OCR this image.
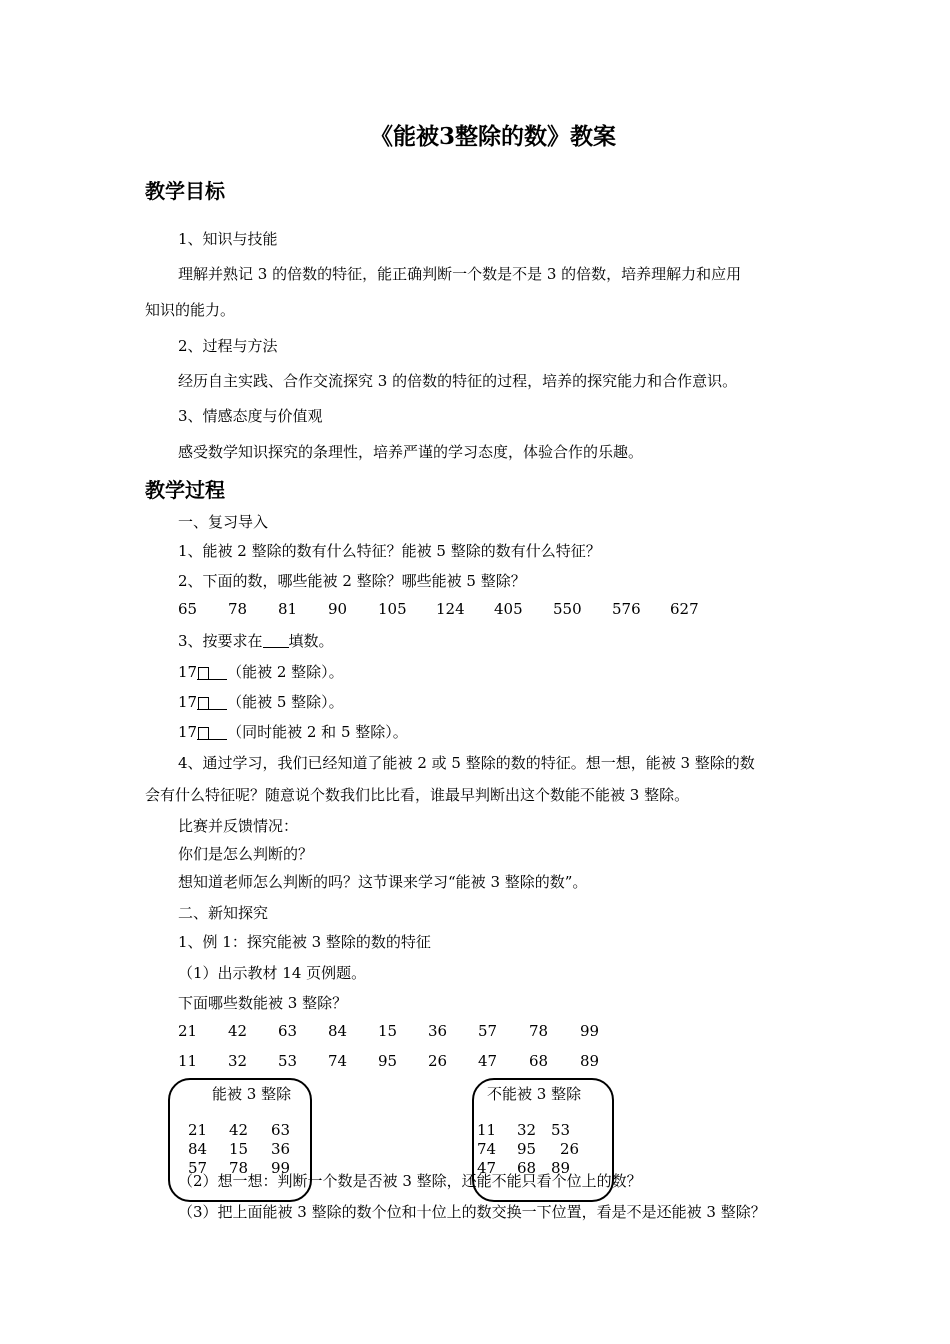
《能被3整除的数》教案
教学目标
1、知识与技能
理解并熟记 3 的倍数的特征，能正确判断一个数是不是 3 的倍数，培养理解力和应用
知识的能力。
2、过程与方法
经历自主实践、合作交流探究 3 的倍数的特征的过程，培养的探究能力和合作意识。
3、情感态度与价值观
感受数学知识探究的条理性，培养严谨的学习态度，体验合作的乐趣。
教学过程
一、复习导入
1、能被 2 整除的数有什么特征？能被 5 整除的数有什么特征？
2、下面的数，哪些能被 2 整除？哪些能被 5 整除？
65 78 81 90 105 124 405 550 576 627
3、按要求在 填数。
17 （能被 2 整除）。
17 （能被 5 整除）。
17 （同时能被 2 和 5 整除）。
4、通过学习，我们已经知道了能被 2 或 5 整除的数的特征。想一想，能被 3 整除的数
会有什么特征呢？随意说个数我们比比看，谁最早判断出这个数能不能被 3 整除。
比赛并反馈情况：
你们是怎么判断的？
想知道老师怎么判断的吗？这节课来学习“能被 3 整除的数”。
二、新知探究
1、例 1：探究能被 3 整除的数的特征
（1）出示教材 14 页例题。
下面哪些数能被 3 整除？
21 42 63 84 15 36 57 78 99
11 32 53 74 95 26 47 68 89
能被 3 整除
21 42 63
84 15 36
57 78 99
不能被 3 整除
11 32 53
74 95 26
47 68 89
（2）想一想：判断一个数是否被 3 整除，还能不能只看个位上的数？
（3）把上面能被 3 整除的数个位和十位上的数交换一下位置，看是不是还能被 3 整除？
